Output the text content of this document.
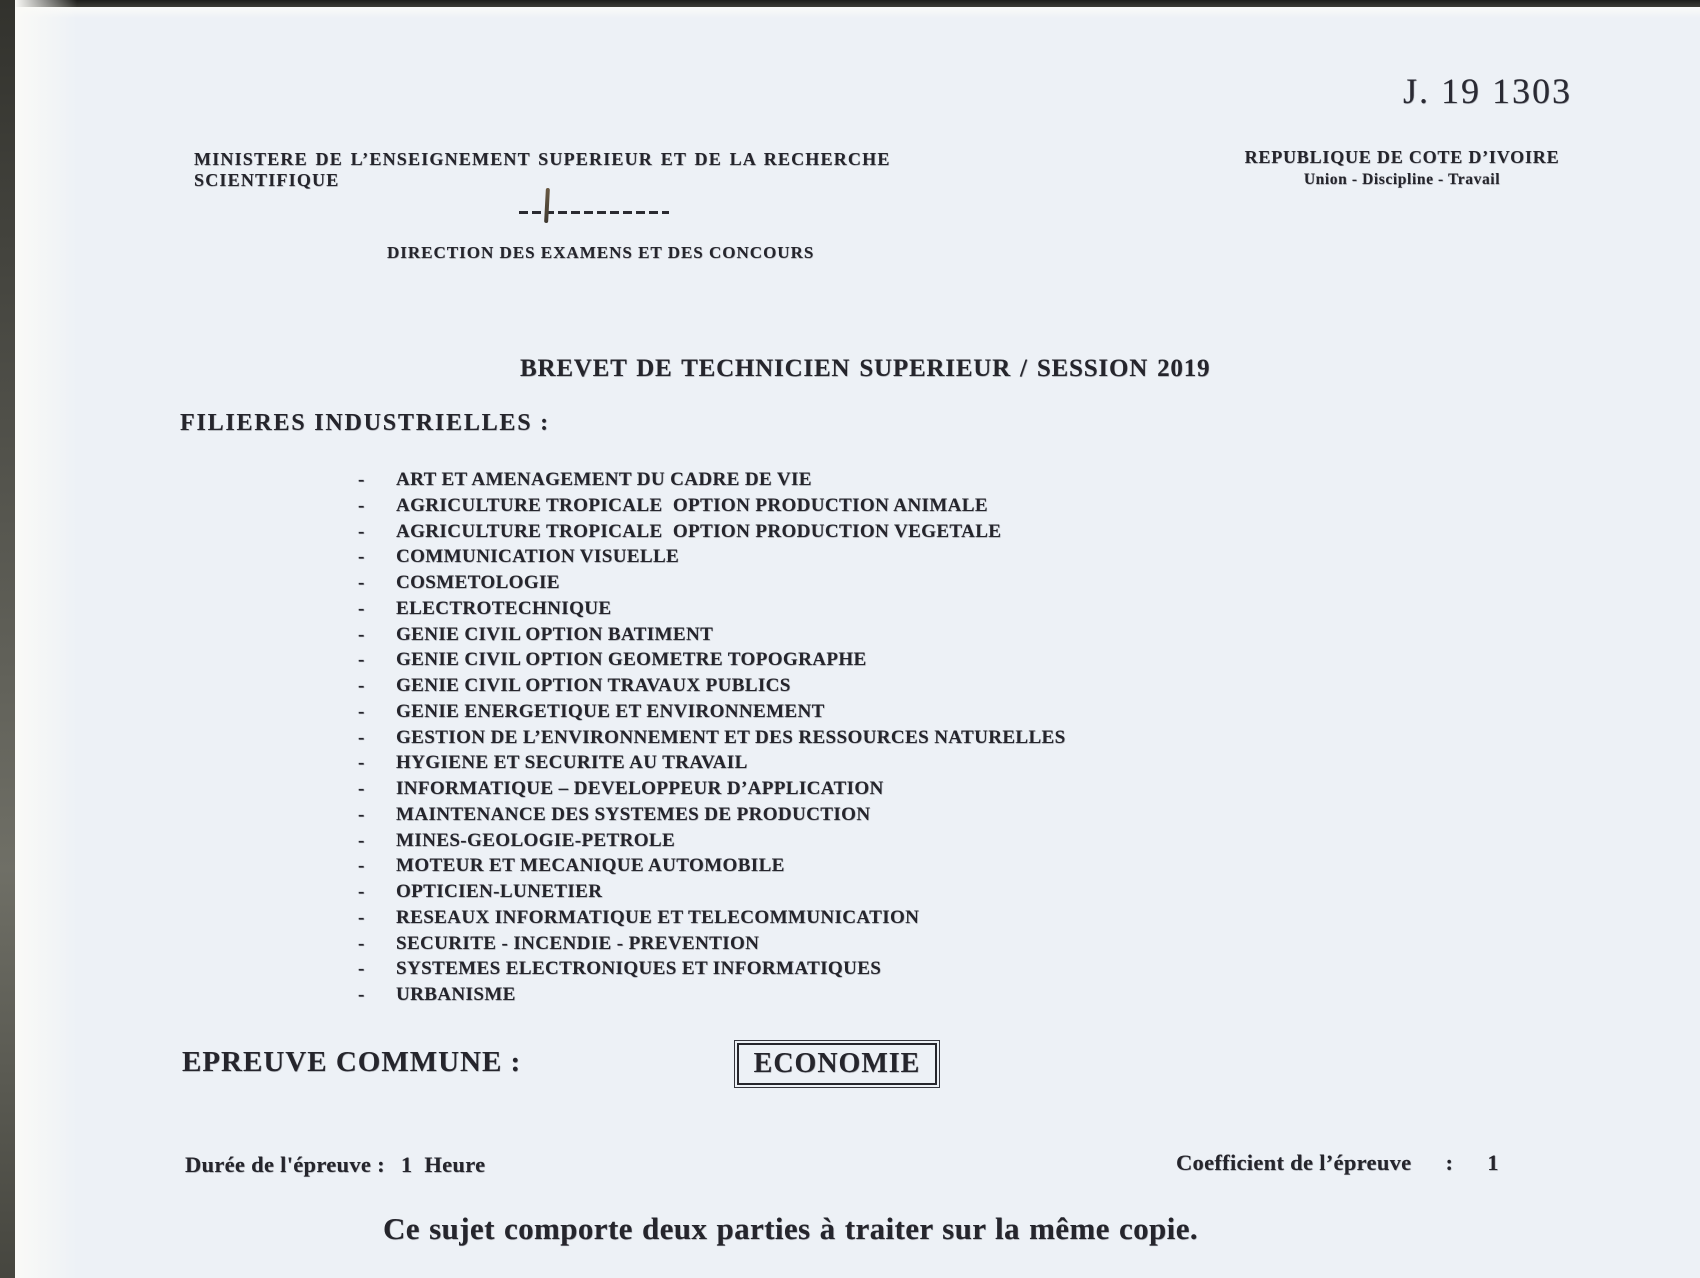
J. 19 1303
MINISTERE DE L’ENSEIGNEMENT SUPERIEUR ET DE LA RECHERCHE SCIENTIFIQUE
REPUBLIQUE DE COTE D’IVOIRE
Union - Discipline - Travail
DIRECTION DES EXAMENS ET DES CONCOURS
BREVET DE TECHNICIEN SUPERIEUR / SESSION 2019
FILIERES INDUSTRIELLES :
-	ART ET AMENAGEMENT DU CADRE DE VIE
-	AGRICULTURE TROPICALE  OPTION PRODUCTION ANIMALE
-	AGRICULTURE TROPICALE  OPTION PRODUCTION VEGETALE
-	COMMUNICATION VISUELLE
-	COSMETOLOGIE
-	ELECTROTECHNIQUE
-	GENIE CIVIL OPTION BATIMENT
-	GENIE CIVIL OPTION GEOMETRE TOPOGRAPHE
-	GENIE CIVIL OPTION TRAVAUX PUBLICS
-	GENIE ENERGETIQUE ET ENVIRONNEMENT
-	GESTION DE L’ENVIRONNEMENT ET DES RESSOURCES NATURELLES
-	HYGIENE ET SECURITE AU TRAVAIL
-	INFORMATIQUE – DEVELOPPEUR D’APPLICATION
-	MAINTENANCE DES SYSTEMES DE PRODUCTION
-	MINES-GEOLOGIE-PETROLE
-	MOTEUR ET MECANIQUE AUTOMOBILE
-	OPTICIEN-LUNETIER
-	RESEAUX INFORMATIQUE ET TELECOMMUNICATION
-	SECURITE - INCENDIE - PREVENTION
-	SYSTEMES ELECTRONIQUES ET INFORMATIQUES
-	URBANISME
EPREUVE COMMUNE :	ECONOMIE
Durée de l'épreuve : 1  Heure	Coefficient de l’épreuve : 1
Ce sujet comporte deux parties à traiter sur la même copie.
